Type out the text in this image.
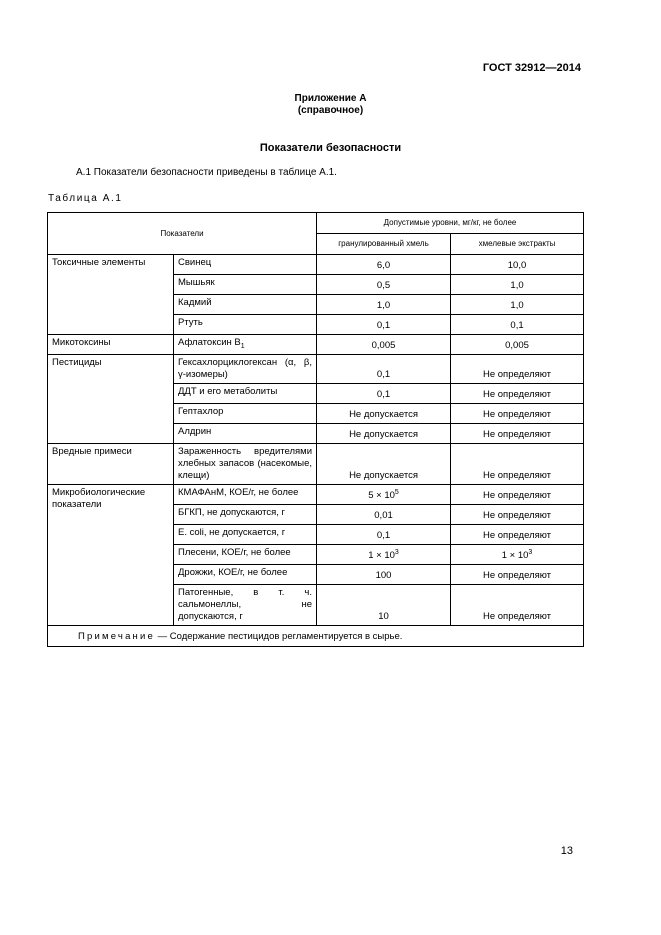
ГОСТ 32912—2014
Приложение А
(справочное)
Показатели безопасности
А.1 Показатели безопасности приведены в таблице А.1.
Таблица А.1
Показатели		Допустимые уровни, мг/кг, не более	
		гранулированный хмель	хмелевые экстракты
Токсичные элементы	Свинец	6,0	10,0
	Мышьяк	0,5	1,0
	Кадмий	1,0	1,0
	Ртуть	0,1	0,1
Микотоксины	Афлатоксин $В_1$	0,005	0,005
Пестициды	Гексахлорциклогексан (α, β, γ-изомеры)	0,1	Не определяют
	ДДТ и его метаболиты	0,1	Не определяют
	Гептахлор	Не допускается	Не определяют
	Алдрин	Не допускается	Не определяют
Вредные примеси	Зараженность вредителями хлебных запасов (насекомые, клещи)	Не допускается	Не определяют
Микробиологические показатели	КМАФАнМ, КОЕ/г, не более	$5 \times 10^5$	Не определяют
	БГКП, не допускаются, г	0,01	Не определяют
	E. coli, не допускается, г	0,1	Не определяют
	Плесени, КОЕ/г, не более	$1 \times 10^3$	$1 \times 10^3$
	Дрожжи, КОЕ/г, не более	100	Не определяют
	Патогенные, в т. ч. сальмонеллы, не допускаются, г	10	Не определяют
Примечание — Содержание пестицидов регламентируется в сырье.			
13
